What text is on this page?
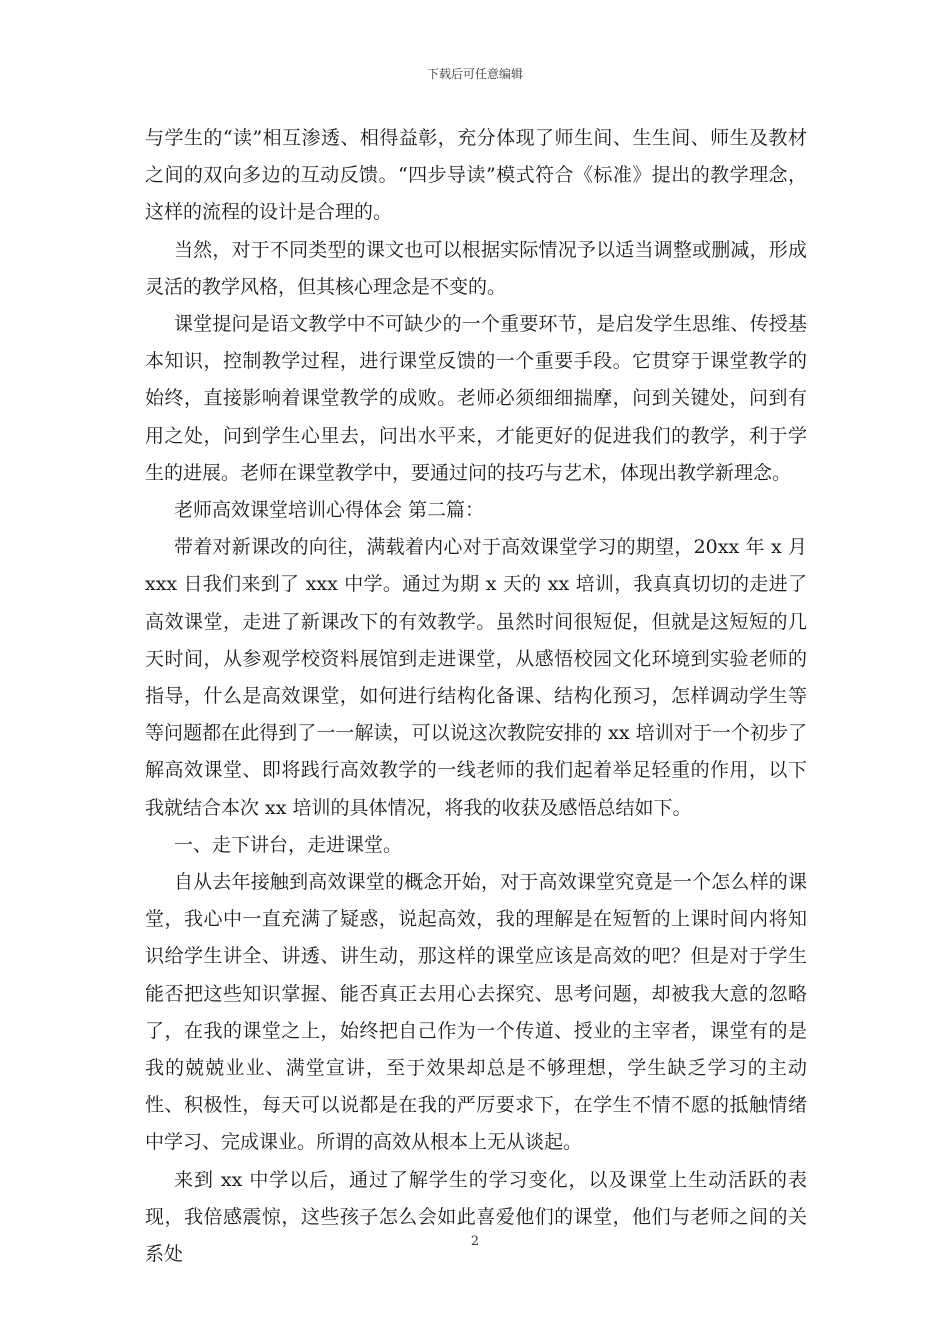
下载后可任意编辑

与学生的“读”相互渗透、相得益彰，充分体现了师生间、生生间、师生及教材之间的双向多边的互动反馈。“四步导读”模式符合《标准》提出的教学理念，这样的流程的设计是合理的。

当然，对于不同类型的课文也可以根据实际情况予以适当调整或删减，形成灵活的教学风格，但其核心理念是不变的。

课堂提问是语文教学中不可缺少的一个重要环节，是启发学生思维、传授基本知识，控制教学过程，进行课堂反馈的一个重要手段。它贯穿于课堂教学的始终，直接影响着课堂教学的成败。老师必须细细揣摩，问到关键处，问到有用之处，问到学生心里去，问出水平来，才能更好的促进我们的教学，利于学生的进展。老师在课堂教学中，要通过问的技巧与艺术，体现出教学新理念。

老师高效课堂培训心得体会 第二篇：

带着对新课改的向往，满载着内心对于高效课堂学习的期望，20xx 年 x 月 xxx 日我们来到了 xxx 中学。通过为期 x 天的 xx 培训，我真真切切的走进了高效课堂，走进了新课改下的有效教学。虽然时间很短促，但就是这短短的几天时间，从参观学校资料展馆到走进课堂，从感悟校园文化环境到实验老师的指导，什么是高效课堂，如何进行结构化备课、结构化预习，怎样调动学生等等问题都在此得到了一一解读，可以说这次教院安排的 xx 培训对于一个初步了解高效课堂、即将践行高效教学的一线老师的我们起着举足轻重的作用，以下我就结合本次 xx 培训的具体情况，将我的收获及感悟总结如下。

一、走下讲台，走进课堂。

自从去年接触到高效课堂的概念开始，对于高效课堂究竟是一个怎么样的课堂，我心中一直充满了疑惑，说起高效，我的理解是在短暂的上课时间内将知识给学生讲全、讲透、讲生动，那这样的课堂应该是高效的吧？但是对于学生能否把这些知识掌握、能否真正去用心去探究、思考问题，却被我大意的忽略了，在我的课堂之上，始终把自己作为一个传道、授业的主宰者，课堂有的是我的兢兢业业、满堂宣讲，至于效果却总是不够理想，学生缺乏学习的主动性、积极性，每天可以说都是在我的严厉要求下，在学生不情不愿的抵触情绪中学习、完成课业。所谓的高效从根本上无从谈起。

来到 xx 中学以后，通过了解学生的学习变化，以及课堂上生动活跃的表现，我倍感震惊，这些孩子怎么会如此喜爱他们的课堂，他们与老师之间的关系处

2
